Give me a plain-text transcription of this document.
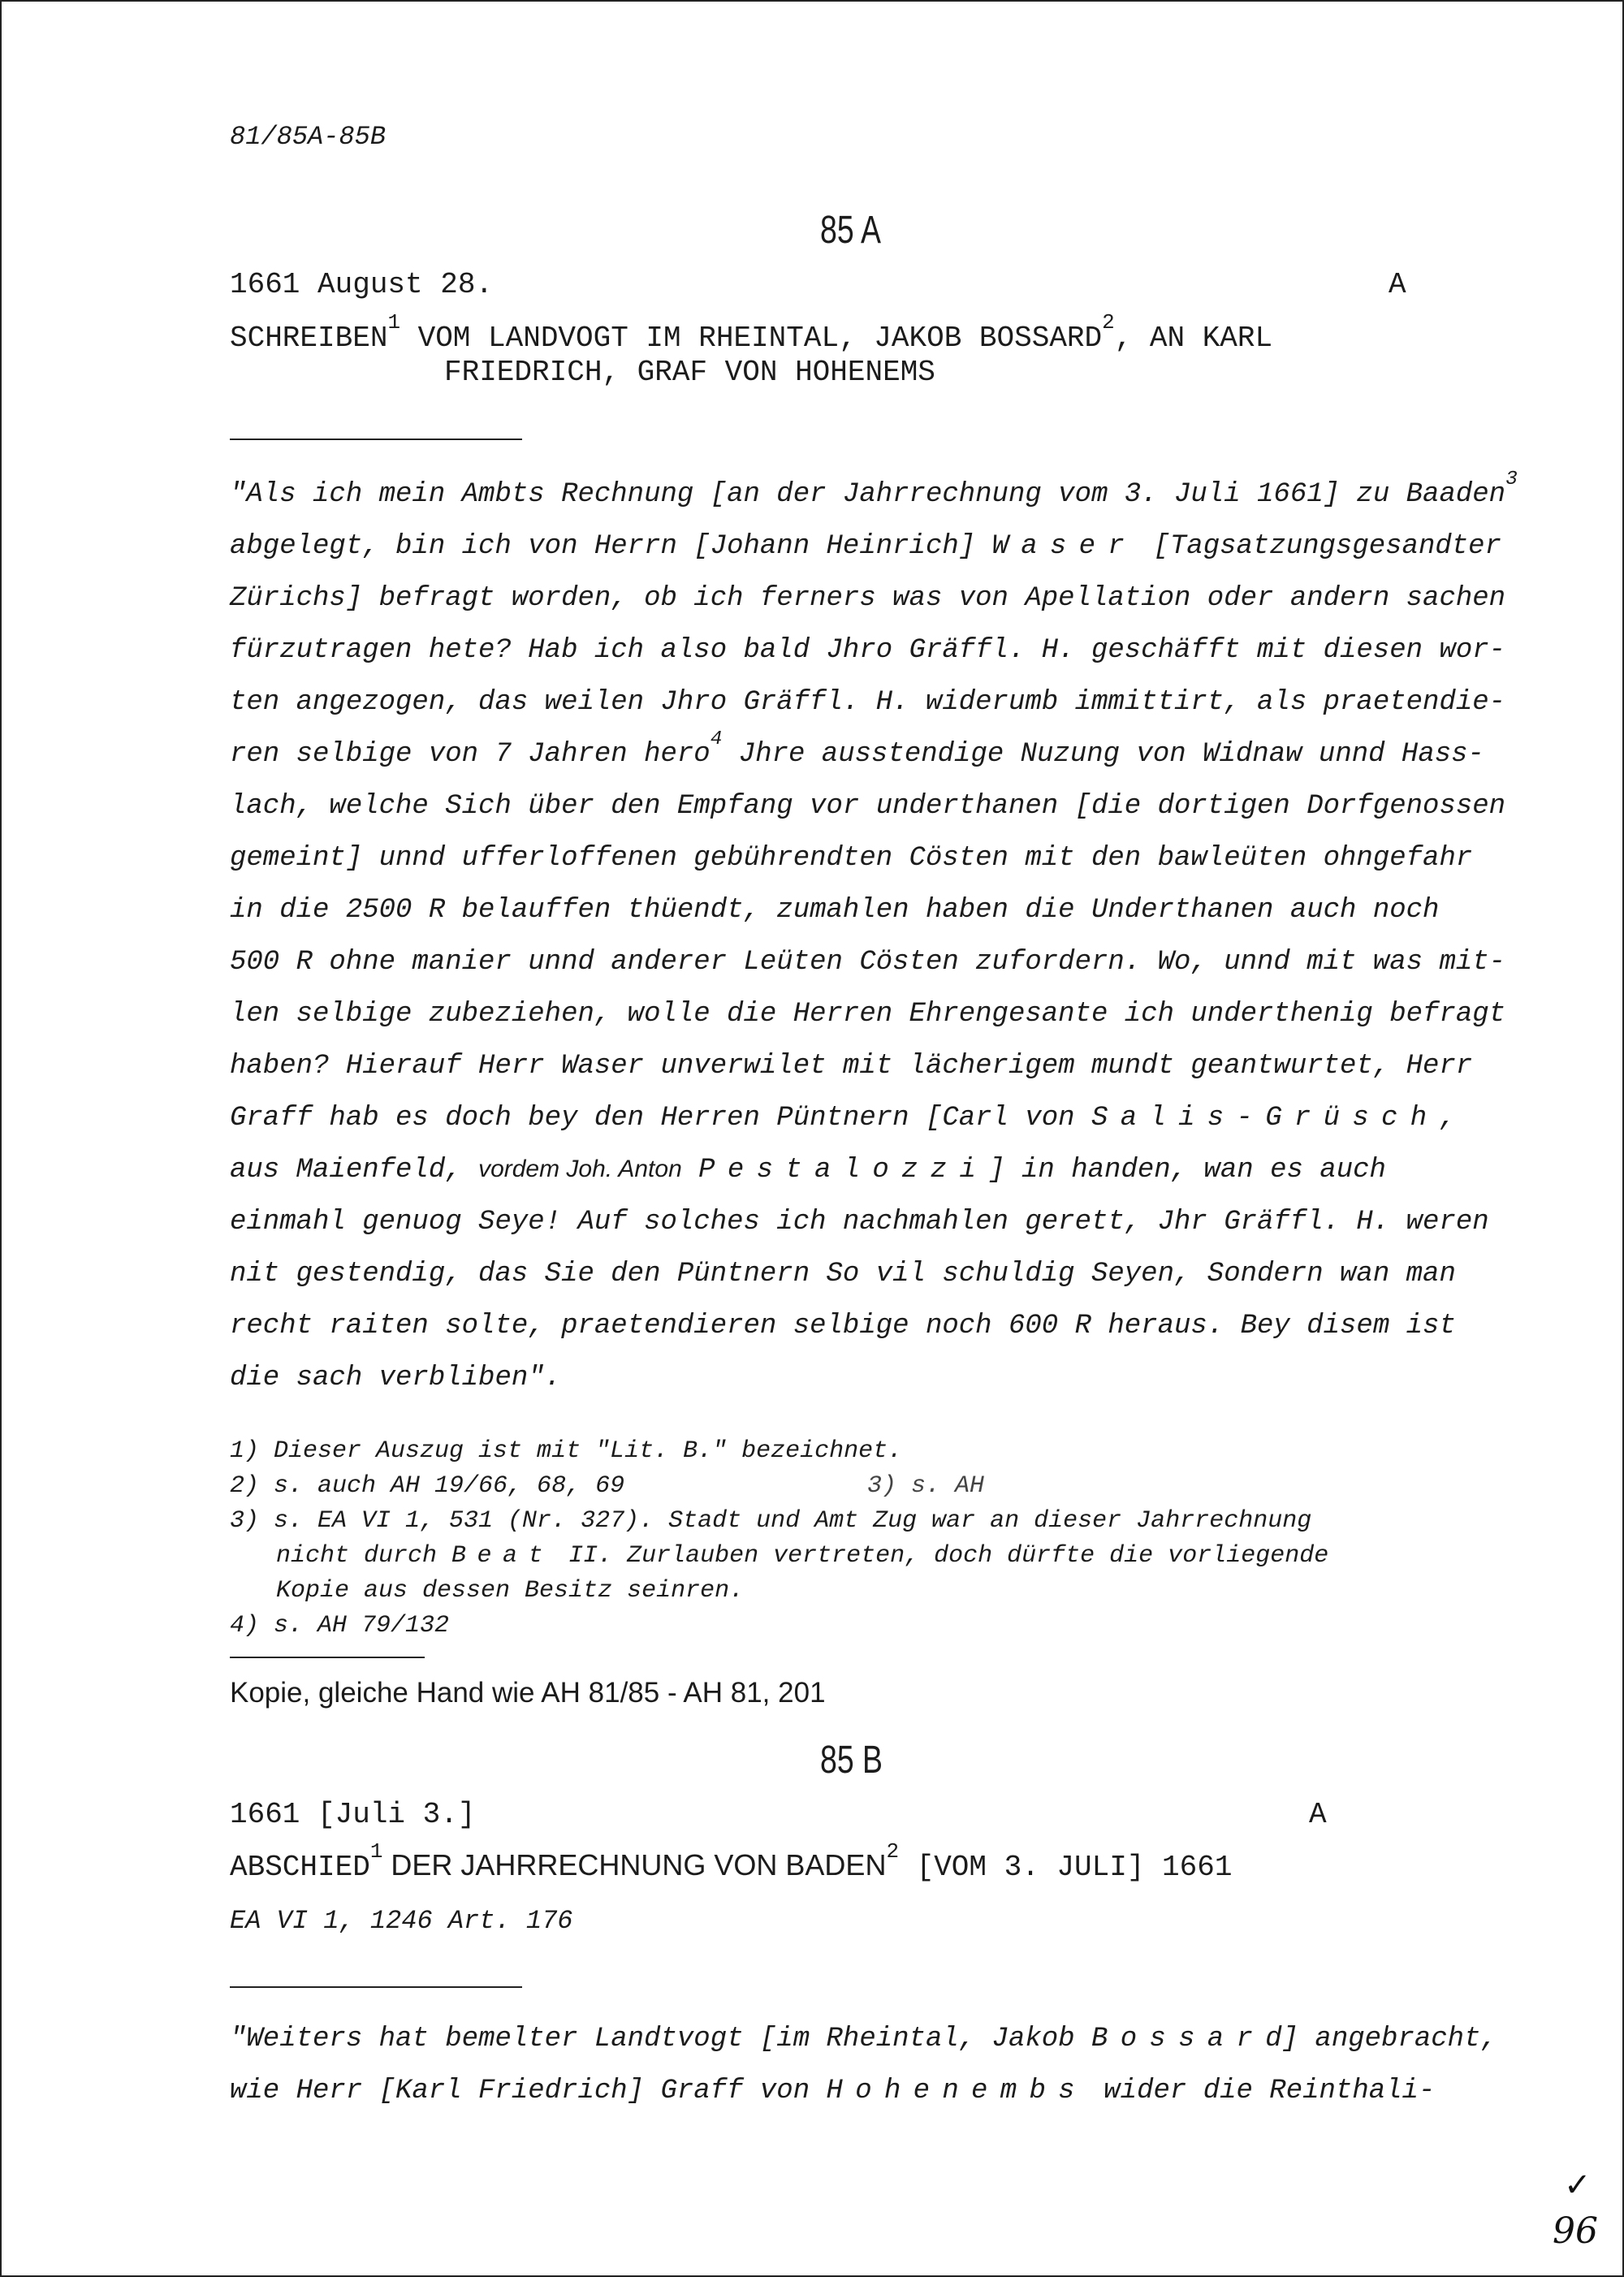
81/85A-85B
85 A
1661 August 28.	A
SCHREIBEN$^1$ VOM LANDVOGT IM RHEINTAL, JAKOB BOSSARD$^2$, AN KARL
FRIEDRICH, GRAF VON HOHENEMS
"Als ich mein Ambts Rechnung [an der Jahrrechnung vom 3. Juli 1661] zu Baaden$^3$
abgelegt, bin ich von Herrn [Johann Heinrich] Waser [Tagsatzungsgesandter
Zürichs] befragt worden, ob ich ferners was von Apellation oder andern sachen
fürzutragen hete? Hab ich also bald Jhro Gräffl. H. geschäfft mit diesen wor-
ten angezogen, das weilen Jhro Gräffl. H. widerumb immittirt, als praetendie-
ren selbige von 7 Jahren hero$^4$ Jhre ausstendige Nuzung von Widnaw unnd Hass-
lach, welche Sich über den Empfang vor underthanen [die dortigen Dorfgenossen
gemeint] unnd ufferloffenen gebührendten Cösten mit den bawleüten ohngefahr
in die 2500 R belauffen thüendt, zumahlen haben die Underthanen auch noch
500 R ohne manier unnd anderer Leüten Cösten zufordern. Wo, unnd mit was mit-
len selbige zubeziehen, wolle die Herren Ehrengesante ich underthenig befragt
haben? Hierauf Herr Waser unverwilet mit lächerigem mundt geantwurtet, Herr
Graff hab es doch bey den Herren Püntnern [Carl von Salis-Grüsch,
aus Maienfeld, vordem Joh. Anton Pestalozzi] in handen, wan es auch
einmahl genuog Seye! Auf solches ich nachmahlen gerett, Jhr Gräffl. H. weren
nit gestendig, das Sie den Püntnern So vil schuldig Seyen, Sondern wan man
recht raiten solte, praetendieren selbige noch 600 R heraus. Bey disem ist
die sach verbliben".
1) Dieser Auszug ist mit "Lit. B." bezeichnet.
2) s. auch AH 19/66, 68, 69	3) s. AH
3) s. EA VI 1, 531 (Nr. 327). Stadt und Amt Zug war an dieser Jahrrechnung
nicht durch Beat II. Zurlauben vertreten, doch dürfte die vorliegende
Kopie aus dessen Besitz seinren.
4) s. AH 79/132
Kopie, gleiche Hand wie AH 81/85 - AH 81, 201
85 B
1661 [Juli 3.]	A
ABSCHIED$^1$ DER JAHRRECHNUNG VON BADEN$^2$ [VOM 3. JULI] 1661
EA VI 1, 1246 Art. 176
"Weiters hat bemelter Landtvogt [im Rheintal, Jakob Bossard] angebracht,
wie Herr [Karl Friedrich] Graff von Hohenembs wider die Reinthali-
✓
96
